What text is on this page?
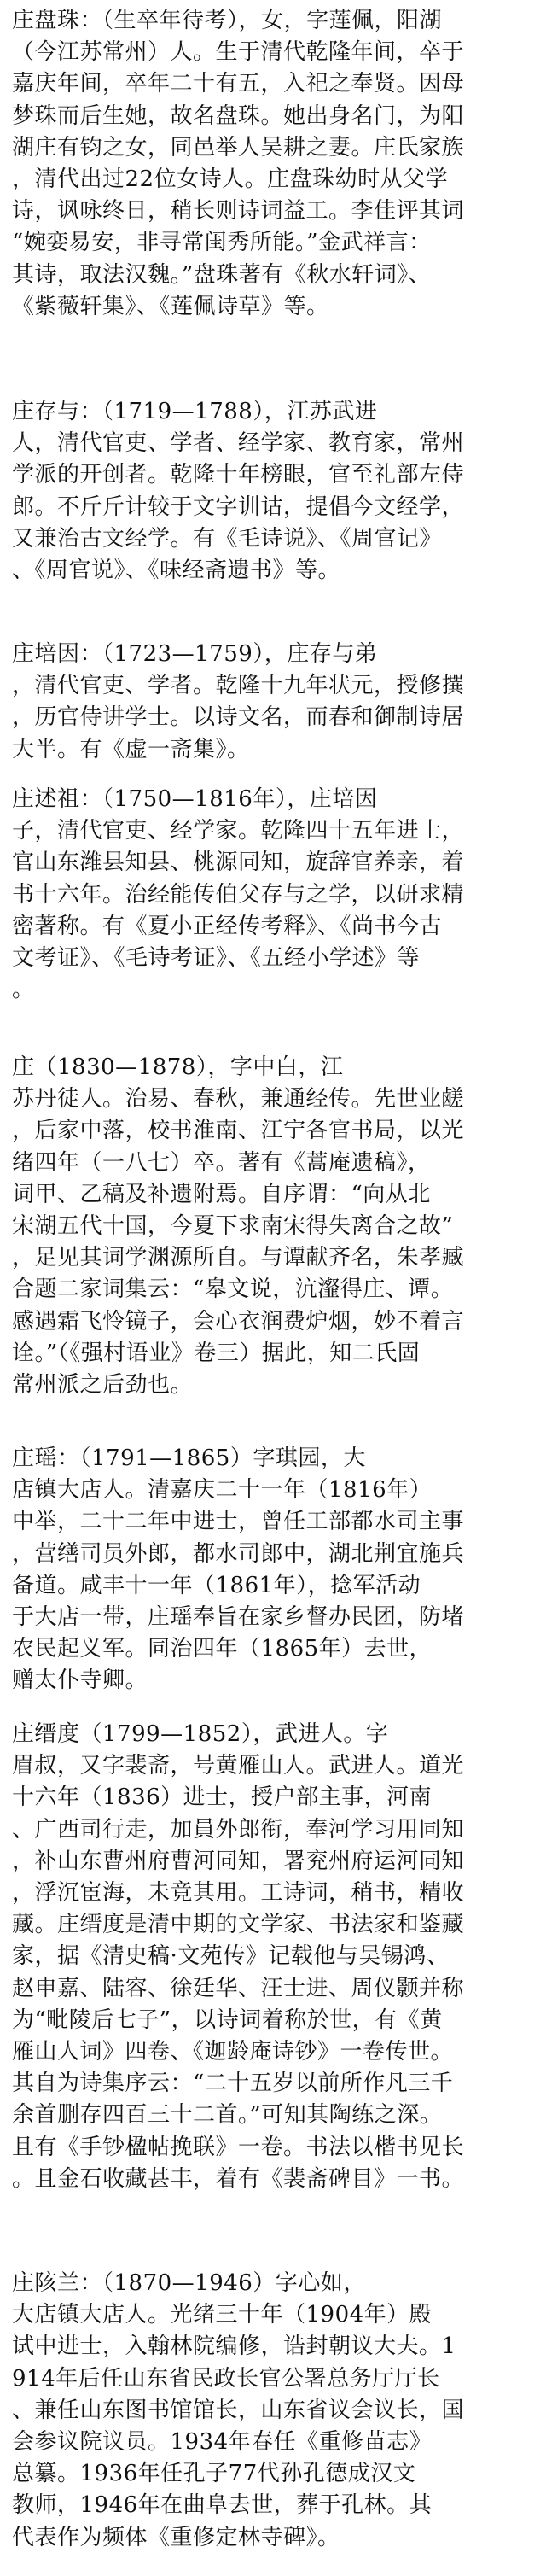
庄盘珠：（生卒年待考），女，字莲佩，阳湖
（今江苏常州）人。生于清代乾隆年间，卒于
嘉庆年间，卒年二十有五，入祀之奉贤。因母
梦珠而后生她，故名盘珠。她出身名门，为阳
湖庄有钧之女，同邑举人吴耕之妻。庄氏家族
，清代出过22位女诗人。庄盘珠幼时从父学
诗，讽咏终日，稍长则诗词益工。李佳评其词
“婉娈易安，非寻常闺秀所能。”金武祥言：
其诗，取法汉魏。”盘珠著有《秋水轩词》、
《紫薇轩集》、《莲佩诗草》等。
庄存与：（1719—1788），江苏武进
人，清代官吏、学者、经学家、教育家，常州
学派的开创者。乾隆十年榜眼，官至礼部左侍
郎。不斤斤计较于文字训诂，提倡今文经学，
又兼治古文经学。有《毛诗说》、《周官记》
、《周官说》、《味经斋遗书》等。
庄培因：（1723—1759），庄存与弟
，清代官吏、学者。乾隆十九年状元，授修撰
，历官侍讲学士。以诗文名，而春和御制诗居
大半。有《虚一斋集》。
庄述祖：（1750—1816年），庄培因
子，清代官吏、经学家。乾隆四十五年进士，
官山东潍县知县、桃源同知，旋辞官养亲，着
书十六年。治经能传伯父存与之学，以研求精
密著称。有《夏小正经传考释》、《尚书今古
文考证》、《毛诗考证》、《五经小学述》等
。
庄（1830—1878），字中白，江
苏丹徒人。治易、春秋，兼通经传。先世业鹾
，后家中落，校书淮南、江宁各官书局，以光
绪四年（一八七）卒。著有《蒿庵遗稿》，
词甲、乙稿及补遗附焉。自序谓：“向从北
宋湖五代十国，今夏下求南宋得失离合之故”
，足见其词学渊源所自。与谭献齐名，朱孝臧
合题二家词集云：“皋文说，沆瀣得庄、谭。
感遇霜飞怜镜子，会心衣润费炉烟，妙不着言
诠。”（《强村语业》卷三）据此，知二氏固
常州派之后劲也。
庄瑶：（1791—1865）字琪园，大
店镇大店人。清嘉庆二十一年（1816年）
中举，二十二年中进士，曾任工部都水司主事
，营缮司员外郎，都水司郎中，湖北荆宜施兵
备道。咸丰十一年（1861年），捻军活动
于大店一带，庄瑶奉旨在家乡督办民团，防堵
农民起义军。同治四年（1865年）去世，
赠太仆寺卿。
庄缙度（1799—1852），武进人。字
眉叔，又字裴斋，号黄雁山人。武进人。道光
十六年（1836）进士，授户部主事，河南
、广西司行走，加員外郎衔，奉河学习用同知
，补山东曹州府曹河同知，署兖州府运河同知
，浮沉宦海，未竟其用。工诗词，稍书，精收
藏。庄缙度是清中期的文学家、书法家和鉴藏
家，据《清史稿·文苑传》记载他与吴锡鸿、
赵申嘉、陆容、徐廷华、汪士进、周仪颢并称
为“毗陵后七子”，以诗词着称於世，有《黄
雁山人词》四卷、《迦龄庵诗钞》一卷传世。
其自为诗集序云：“二十五岁以前所作凡三千
余首删存四百三十二首。”可知其陶练之深。
且有《手钞楹帖挽联》一卷。书法以楷书见长
。且金石收藏甚丰，着有《裴斋碑目》一书。
庄陔兰：（1870—1946）字心如，
大店镇大店人。光绪三十年（1904年）殿
试中进士，入翰林院编修，诰封朝议大夫。1
914年后任山东省民政长官公署总务厅厅长
、兼任山东图书馆馆长，山东省议会议长，国
会参议院议员。1934年春任《重修苗志》
总纂。1936年任孔子77代孙孔德成汉文
教师，1946年在曲阜去世，葬于孔林。其
代表作为频体《重修定林寺碑》。
